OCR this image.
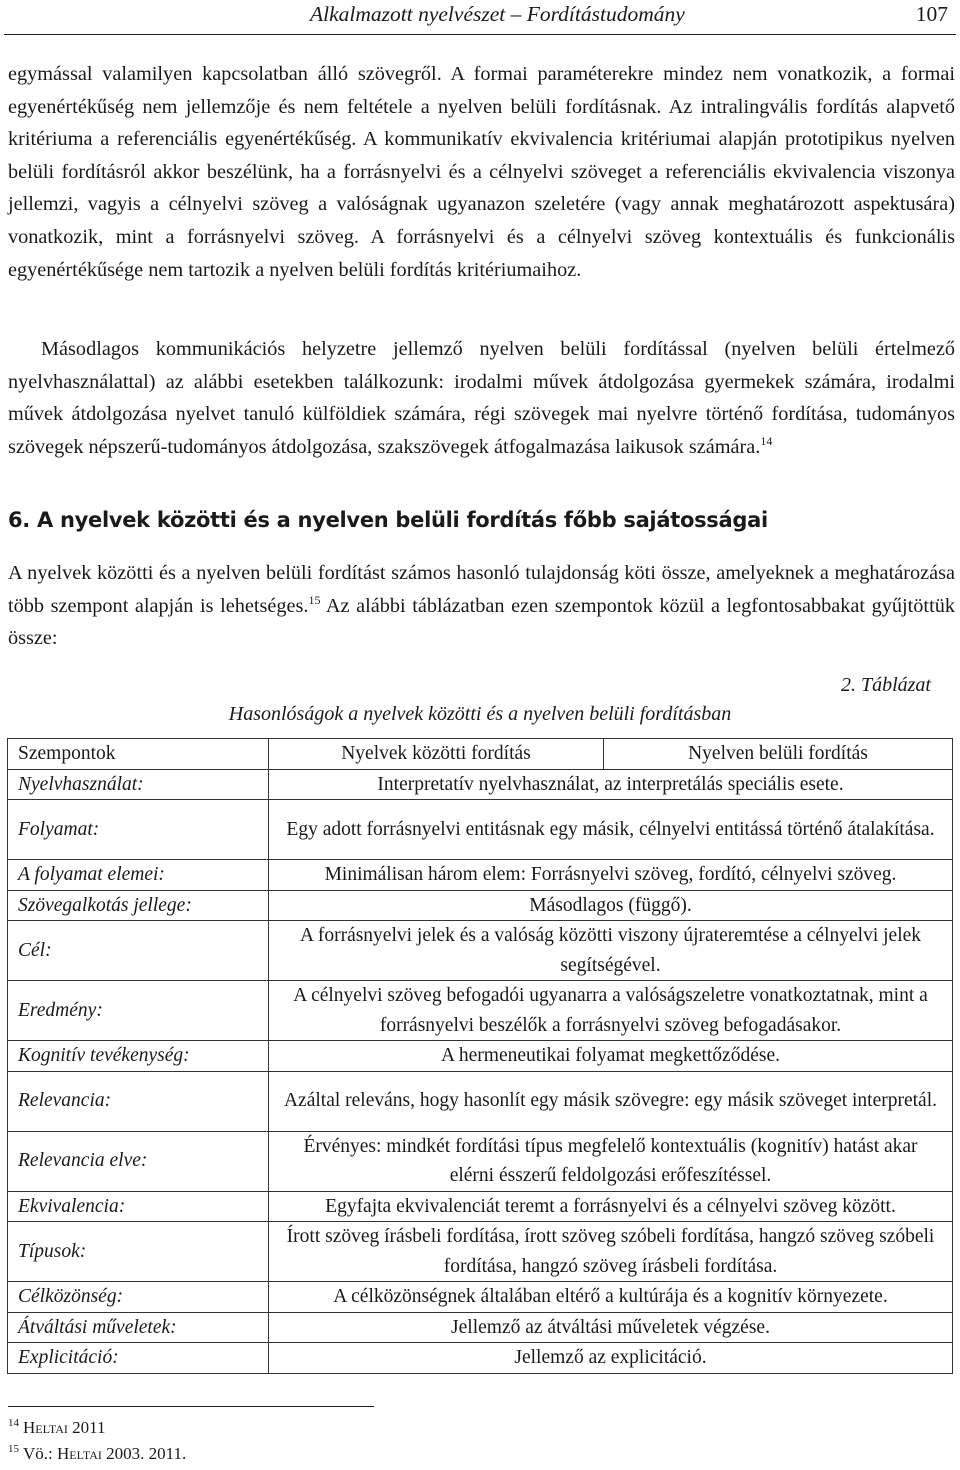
Alkalmazott nyelvészet – Fordítástudomány	107

egymással valamilyen kapcsolatban álló szövegről. A formai paraméterekre mindez nem vonatkozik, a formai egyenértékűség nem jellemzője és nem feltétele a nyelven belüli fordításnak. Az intralingvális fordítás alapvető kritériuma a referenciális egyenértékűség. A kommunikatív ekvivalencia kritériumai alapján prototipikus nyelven belüli fordításról akkor beszélünk, ha a forrásnyelvi és a célnyelvi szöveget a referenciális ekvivalencia viszonya jellemzi, vagyis a célnyelvi szöveg a valóságnak ugyanazon szeletére (vagy annak meghatározott aspektusára) vonatkozik, mint a forrásnyelvi szöveg. A forrásnyelvi és a célnyelvi szöveg kontextuális és funkcionális egyenértékűsége nem tartozik a nyelven belüli fordítás kritériumaihoz.

Másodlagos kommunikációs helyzetre jellemző nyelven belüli fordítással (nyelven belüli értelmező nyelvhasználattal) az alábbi esetekben találkozunk: irodalmi művek átdolgozása gyermekek számára, irodalmi művek átdolgozása nyelvet tanuló külföldiek számára, régi szövegek mai nyelvre történő fordítása, tudományos szövegek népszerű-tudományos átdolgozása, szakszövegek átfogalmazása laikusok számára.$^{14}$

6. A nyelvek közötti és a nyelven belüli fordítás főbb sajátosságai

A nyelvek közötti és a nyelven belüli fordítást számos hasonló tulajdonság köti össze, amelyeknek a meghatározása több szempont alapján is lehetséges.$^{15}$ Az alábbi táblázatban ezen szempontok közül a legfontosabbakat gyűjtöttük össze:

2. Táblázat
Hasonlóságok a nyelvek közötti és a nyelven belüli fordításban
Szempontok	Nyelvek közötti fordítás	Nyelven belüli fordítás
Nyelvhasználat:	Interpretatív nyelvhasználat, az interpretálás speciális esete.	
Folyamat:	Egy adott forrásnyelvi entitásnak egy másik, célnyelvi entitássá történő átalakítása.	
A folyamat elemei:	Minimálisan három elem: Forrásnyelvi szöveg, fordító, célnyelvi szöveg.	
Szövegalkotás jellege:	Másodlagos (függő).	
Cél:	A forrásnyelvi jelek és a valóság közötti viszony újrateremtése a célnyelvi jelek segítségével.	
Eredmény:	A célnyelvi szöveg befogadói ugyanarra a valóságszeletre vonatkoztatnak, mint a forrásnyelvi beszélők a forrásnyelvi szöveg befogadásakor.	
Kognitív tevékenység:	A hermeneutikai folyamat megkettőződése.	
Relevancia:	Azáltal releváns, hogy hasonlít egy másik szövegre: egy másik szöveget interpretál.	
Relevancia elve:	Érvényes: mindkét fordítási típus megfelelő kontextuális (kognitív) hatást akar elérni ésszerű feldolgozási erőfeszítéssel.	
Ekvivalencia:	Egyfajta ekvivalenciát teremt a forrásnyelvi és a célnyelvi szöveg között.	
Típusok:	Írott szöveg írásbeli fordítása, írott szöveg szóbeli fordítása, hangzó szöveg szóbeli fordítása, hangzó szöveg írásbeli fordítása.	
Célközönség:	A célközönségnek általában eltérő a kultúrája és a kognitív környezete.	
Átváltási műveletek:	Jellemző az átváltási műveletek végzése.	
Explicitáció:	Jellemző az explicitáció.	
$^{14}$ Heltai 2011
$^{15}$ Vö.: Heltai 2003. 2011.
